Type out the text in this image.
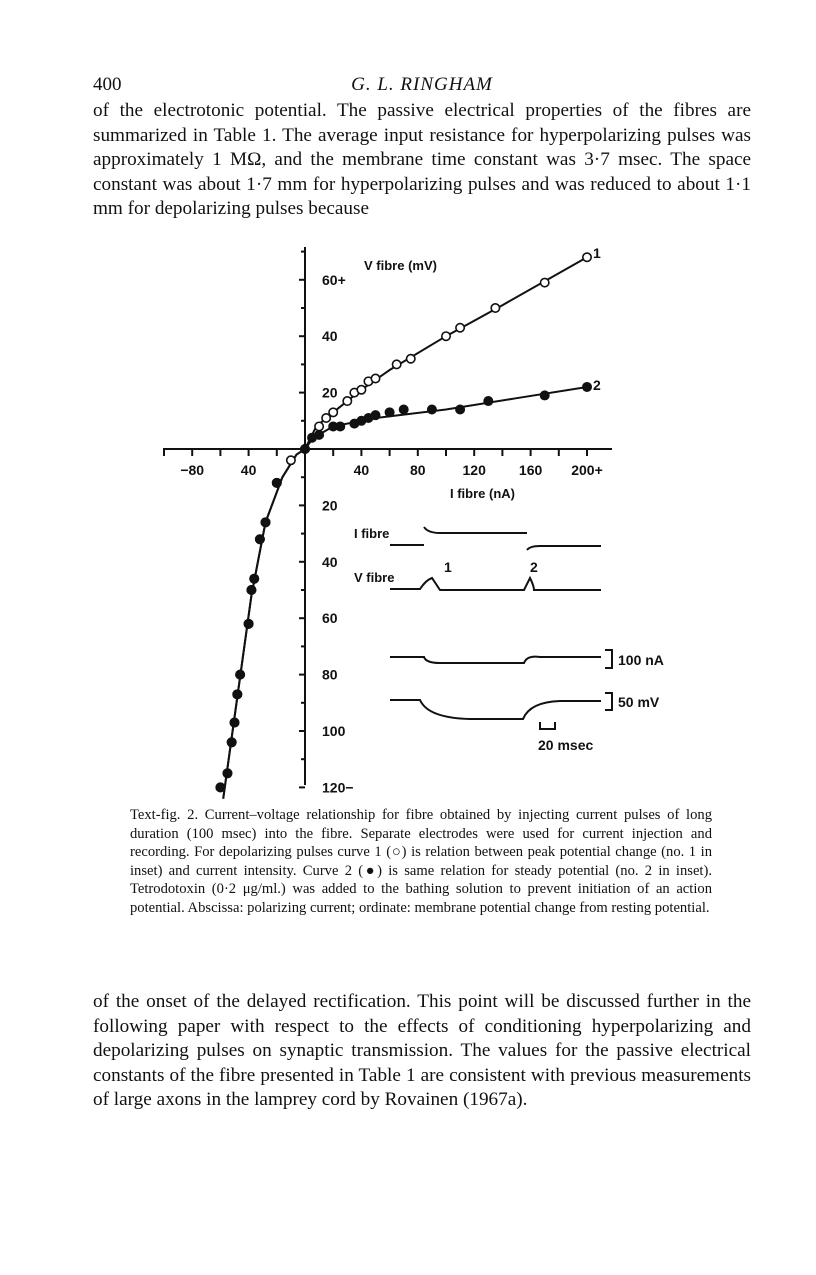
400	G. L. RINGHAM

of the electrotonic potential. The passive electrical properties of the fibres are summarized in Table 1. The average input resistance for hyperpolarizing pulses was approximately 1 MΩ, and the membrane time constant was 3·7 msec. The space constant was about 1·7 mm for hyperpolarizing pulses and was reduced to about 1·1 mm for depolarizing pulses because

60+
40
20
20
40
60
80
100
120−
−80	40	40	80	120 160 200+
V fibre (mV)
I fibre (nA)
1
2
I fibre
V fibre
1	2
100 nA
50 mV
20 msec
Text-fig. 2. Current–voltage relationship for fibre obtained by injecting current pulses of long duration (100 msec) into the fibre. Separate electrodes were used for current injection and recording. For depolarizing pulses curve 1 (○) is relation between peak potential change (no. 1 in inset) and current intensity. Curve 2 (●) is same relation for steady potential (no. 2 in inset). Tetrodotoxin (0·2 μg/ml.) was added to the bathing solution to prevent initiation of an action potential. Abscissa: polarizing current; ordinate: membrane potential change from resting potential.

of the onset of the delayed rectification. This point will be discussed further in the following paper with respect to the effects of conditioning hyperpolarizing and depolarizing pulses on synaptic transmission. The values for the passive electrical constants of the fibre presented in Table 1 are consistent with previous measurements of large axons in the lamprey cord by Rovainen (1967a).
